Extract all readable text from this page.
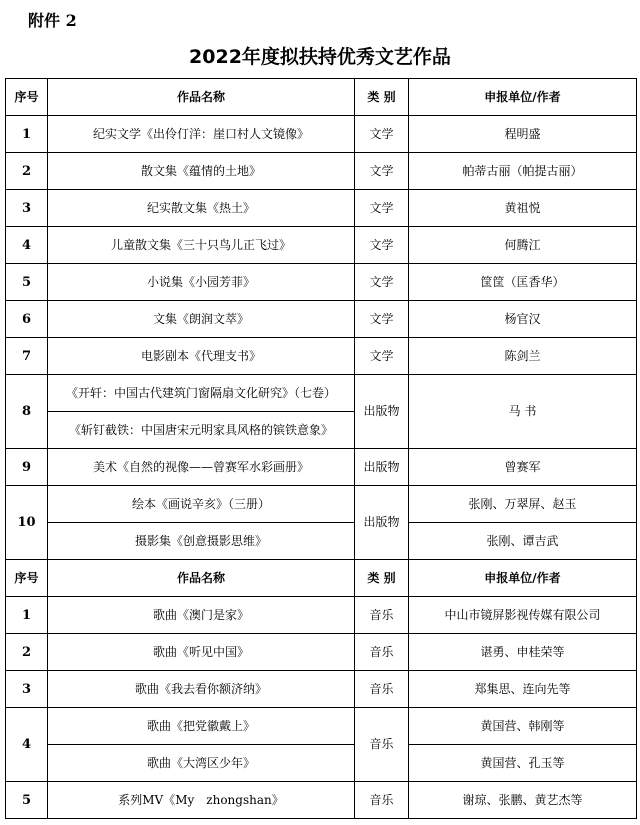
附件 2
2022年度拟扶持优秀文艺作品
序号	作品名称	类 别	申报单位/作者
1	纪实文学《出伶仃洋：崖口村人文镜像》	文学	程明盛
2	散文集《蕴情的土地》	文学	帕蒂古丽（帕提古丽）
3	纪实散文集《热土》	文学	黄祖悦
4	儿童散文集《三十只鸟儿正飞过》	文学	何腾江
5	小说集《小园芳菲》	文学	筐筐（匡香华）
6	文集《朗润文萃》	文学	杨官汉
7	电影剧本《代理支书》	文学	陈剑兰
8	《开轩：中国古代建筑门窗隔扇文化研究》（七卷）	出版物	马 书
	《斩钉截铁：中国唐宋元明家具风格的镔铁意象》		
9	美术《自然的视像——曾赛军水彩画册》	出版物	曾赛军
10	绘本《画说辛亥》（三册）	出版物	张刚、万翠屏、赵玉
	摄影集《创意摄影思维》		张刚、谭吉武
序号	作品名称	类 别	申报单位/作者
1	歌曲《澳门是家》	音乐	中山市镜屏影视传媒有限公司
2	歌曲《听见中国》	音乐	谌勇、申桂荣等
3	歌曲《我去看你额济纳》	音乐	郑集思、连向先等
4	歌曲《把党徽戴上》	音乐	黄国营、韩刚等
	歌曲《大湾区少年》		黄国营、孔玉等
5	系列MV《My　zhongshan》	音乐	谢琼、张鹏、黄艺杰等
